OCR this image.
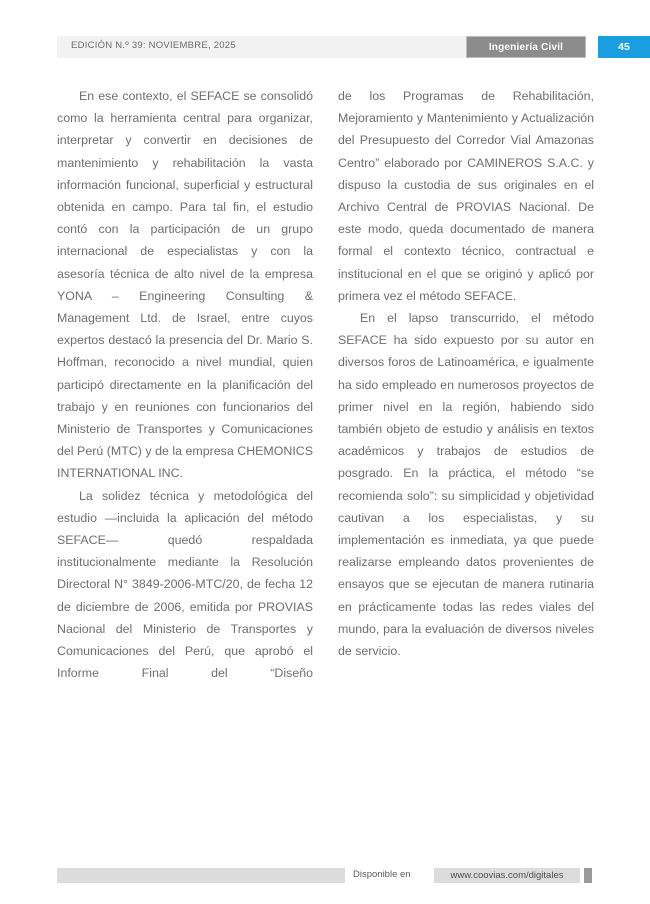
EDICIÓN N.º 39: NOVIEMBRE, 2025	Ingeniería Civil	45

En ese contexto, el SEFACE se consolidó como la herramienta central para organizar, interpretar y convertir en decisiones de mantenimiento y rehabilitación la vasta información funcional, superficial y estructural obtenida en campo. Para tal fin, el estudio contó con la participación de un grupo internacional de especialistas y con la asesoría técnica de alto nivel de la empresa YONA – Engineering Consulting & Management Ltd. de Israel, entre cuyos expertos destacó la presencia del Dr. Mario S. Hoffman, reconocido a nivel mundial, quien participó directamente en la planificación del trabajo y en reuniones con funcionarios del Ministerio de Transportes y Comunicaciones del Perú (MTC) y de la empresa CHEMONICS INTERNATIONAL INC.

La solidez técnica y metodológica del estudio —incluida la aplicación del método SEFACE— quedó respaldada institucionalmente mediante la Resolución Directoral N° 3849-2006-MTC/20, de fecha 12 de diciembre de 2006, emitida por PROVIAS Nacional del Ministerio de Transportes y Comunicaciones del Perú, que aprobó el Informe Final del “Diseño

de los Programas de Rehabilitación, Mejoramiento y Mantenimiento y Actualización del Presupuesto del Corredor Vial Amazonas Centro” elaborado por CAMINEROS S.A.C. y dispuso la custodia de sus originales en el Archivo Central de PROVIAS Nacional. De este modo, queda documentado de manera formal el contexto técnico, contractual e institucional en el que se originó y aplicó por primera vez el método SEFACE.

En el lapso transcurrido, el método SEFACE ha sido expuesto por su autor en diversos foros de Latinoamérica, e igualmente ha sido empleado en numerosos proyectos de primer nivel en la región, habiendo sido también objeto de estudio y análisis en textos académicos y trabajos de estudios de posgrado. En la práctica, el método “se recomienda solo”: su simplicidad y objetividad cautivan a los especialistas, y su implementación es inmediata, ya que puede realizarse empleando datos provenientes de ensayos que se ejecutan de manera rutinaria en prácticamente todas las redes viales del mundo, para la evaluación de diversos niveles de servicio.

Disponible en	www.coovias.com/digitales
